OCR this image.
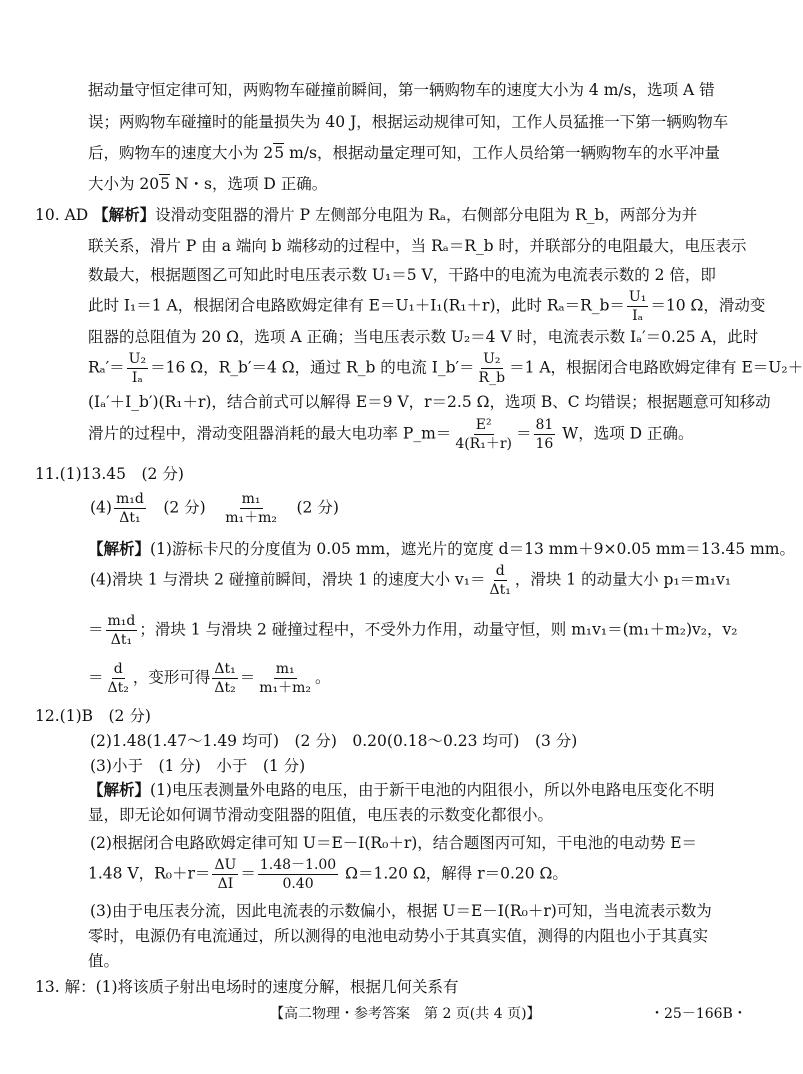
据动量守恒定律可知，两购物车碰撞前瞬间，第一辆购物车的速度大小为 4 m/s，选项 A 错
误；两购物车碰撞时的能量损失为 40 J，根据运动规律可知，工作人员猛推一下第一辆购物车
后，购物车的速度大小为 25 m/s，根据动量定理可知，工作人员给第一辆购物车的水平冲量
大小为 205 N・s，选项 D 正确。
10. AD 【解析】设滑动变阻器的滑片 P 左侧部分电阻为 Rₐ，右侧部分电阻为 R_b，两部分为并
联关系，滑片 P 由 a 端向 b 端移动的过程中，当 Rₐ＝R_b 时，并联部分的电阻最大，电压表示
数最大，根据题图乙可知此时电压表示数 U₁＝5 V，干路中的电流为电流表示数的 2 倍，即
此时 I₁＝1 A，根据闭合电路欧姆定律有 E＝U₁＋I₁(R₁＋r)，此时 Rₐ＝R_b＝ $\frac{\text{U₁}}{\text{Iₐ}} =10$ Ω，滑动变
阻器的总阻值为 20 Ω，选项 A 正确；当电压表示数 U₂＝4 V 时，电流表示数 Iₐ′＝0.25 A，此时
$R_a'= \frac{\text{U₂}}{\text{Iₐ}} =16$ Ω，R_b′＝4 Ω，通过 R_b 的电流 I_b′＝ $\frac{\text{U₂}}{R\_b} =1$ A，根据闭合电路欧姆定律有 E＝U₂＋
(Iₐ′＋I_b′)(R₁＋r)，结合前式可以解得 E＝9 V，r＝2.5 Ω，选项 B、C 均错误；根据题意可知移动
滑片的过程中，滑动变阻器消耗的最大电功率 P_m＝ $\frac{\text{E²}}{\text{4(R₁＋r)}} = \frac{81}{16}$ W，选项 D 正确。
11.(1)13.45　(2 分)
$(4) \frac{\text{m₁d}}{\text{Δt₁}}$ 　(2 分)　 $\frac{\text{m₁}}{\text{m₁＋m₂}}$ 　(2 分)
【解析】(1)游标卡尺的分度值为 0.05 mm，遮光片的宽度 d＝13 mm＋9×0.05 mm＝13.45 mm。
(4)滑块 1 与滑块 2 碰撞前瞬间，滑块 1 的速度大小 $v_1= \frac{d}{\text{Δt₁}}$ ，滑块 1 的动量大小 p₁＝m₁v₁
＝ $\frac{\text{m₁d}}{\text{Δt₁}}$ ；滑块 1 与滑块 2 碰撞过程中，不受外力作用，动量守恒，则 m₁v₁＝(m₁＋m₂)v₂，v₂
＝ $\frac{d}{\text{Δt₂}}$ ，变形可得 $\frac{\text{Δt₁}}{\text{Δt₂}} = \frac{\text{m₁}}{\text{m₁＋m₂}}$ 。
12.(1)B　(2 分)
(2)1.48(1.47～1.49 均可)　(2 分)　0.20(0.18～0.23 均可)　(3 分)
(3)小于　(1 分)　小于　(1 分)
【解析】(1)电压表测量外电路的电压，由于新干电池的内阻很小，所以外电路电压变化不明
显，即无论如何调节滑动变阻器的阻值，电压表的示数变化都很小。
(2)根据闭合电路欧姆定律可知 U＝E－I(R₀＋r)，结合题图丙可知，干电池的电动势 E＝
1.48 V，$R_0+r= \frac{\Delta U}{\Delta I} = \frac{1.48-1.00}{0.40} \Omega=1.20$ Ω，解得 r＝0.20 Ω。
(3)由于电压表分流，因此电流表的示数偏小，根据 U＝E－I(R₀＋r)可知，当电流表示数为
零时，电源仍有电流通过，所以测得的电池电动势小于其真实值，测得的内阻也小于其真实
值。
13. 解：(1)将该质子射出电场时的速度分解，根据几何关系有
【高二物理・参考答案　第 2 页(共 4 页)】	・25－166B・
